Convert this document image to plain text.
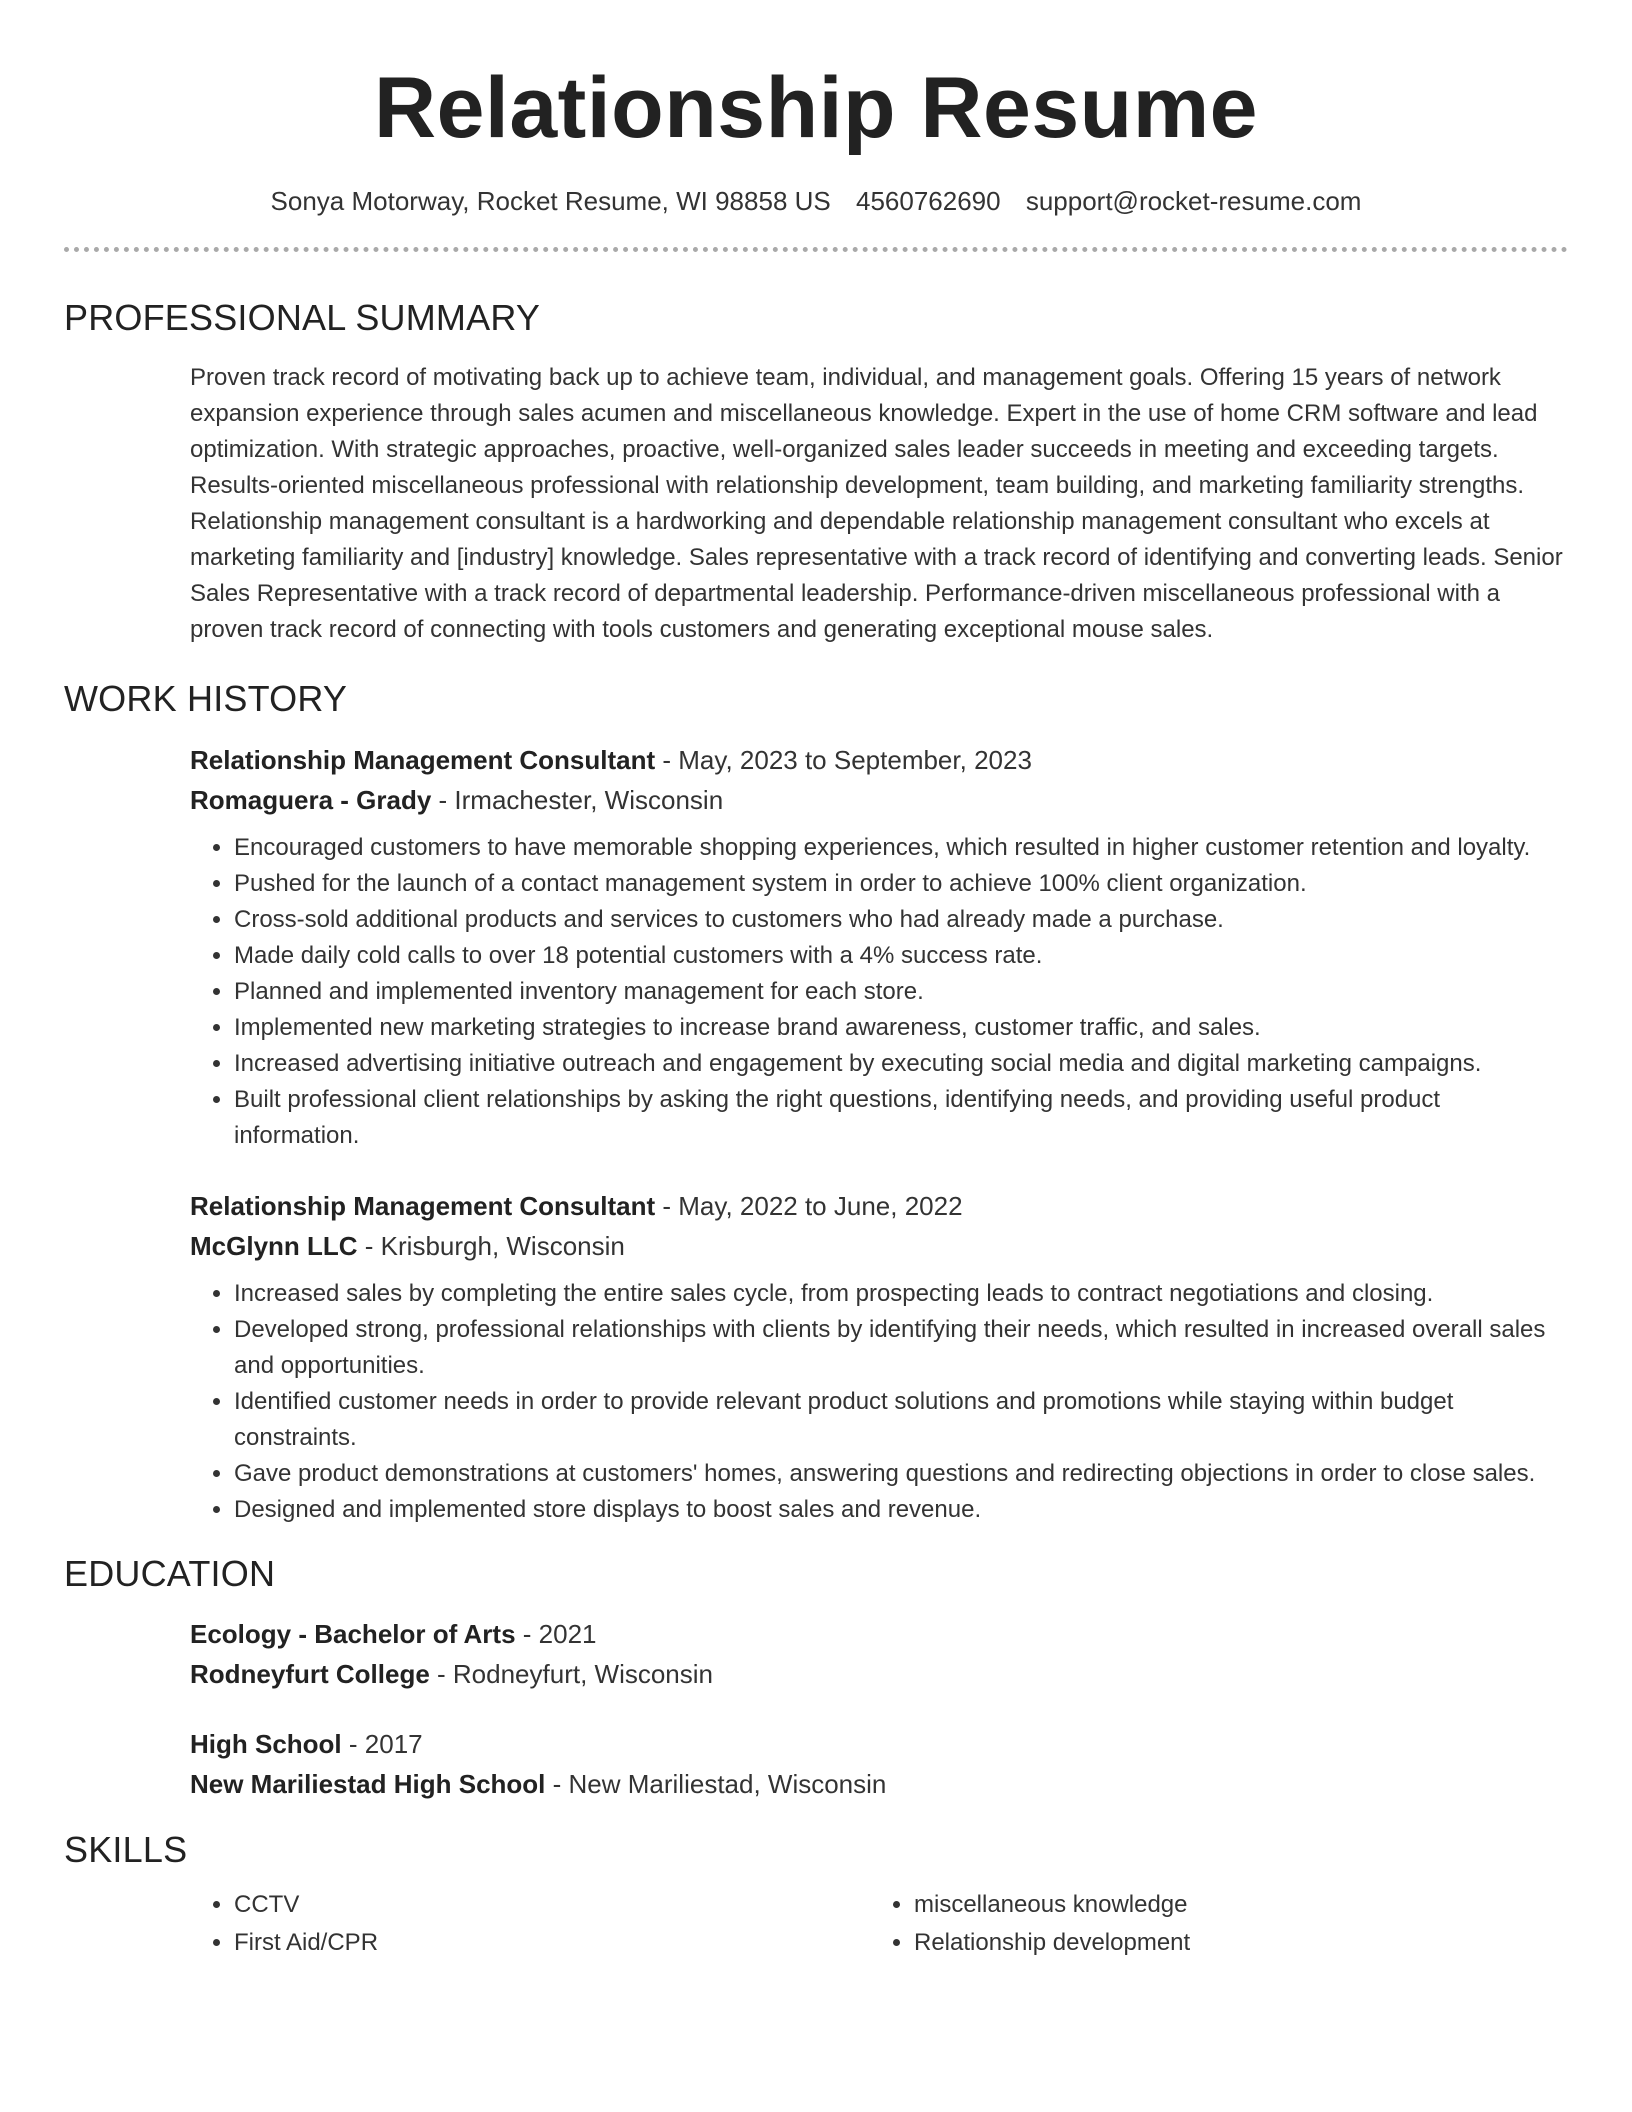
Relationship Resume
Sonya Motorway, Rocket Resume, WI 98858 US 4560762690 support@rocket-resume.com
PROFESSIONAL SUMMARY

Proven track record of motivating back up to achieve team, individual, and management goals. Offering 15 years of network expansion experience through sales acumen and miscellaneous knowledge. Expert in the use of home CRM software and lead optimization. With strategic approaches, proactive, well-organized sales leader succeeds in meeting and exceeding targets. Results-oriented miscellaneous professional with relationship development, team building, and marketing familiarity strengths. Relationship management consultant is a hardworking and dependable relationship management consultant who excels at marketing familiarity and [industry] knowledge. Sales representative with a track record of identifying and converting leads. Senior Sales Representative with a track record of departmental leadership. Performance-driven miscellaneous professional with a proven track record of connecting with tools customers and generating exceptional mouse sales.

WORK HISTORY

Relationship Management Consultant - May, 2023 to September, 2023

Romaguera - Grady - Irmachester, Wisconsin

• Encouraged customers to have memorable shopping experiences, which resulted in higher customer retention and loyalty.
• Pushed for the launch of a contact management system in order to achieve 100% client organization.
• Cross-sold additional products and services to customers who had already made a purchase.
• Made daily cold calls to over 18 potential customers with a 4% success rate.
• Planned and implemented inventory management for each store.
• Implemented new marketing strategies to increase brand awareness, customer traffic, and sales.
• Increased advertising initiative outreach and engagement by executing social media and digital marketing campaigns.
• Built professional client relationships by asking the right questions, identifying needs, and providing useful product information.

Relationship Management Consultant - May, 2022 to June, 2022

McGlynn LLC - Krisburgh, Wisconsin

• Increased sales by completing the entire sales cycle, from prospecting leads to contract negotiations and closing.
• Developed strong, professional relationships with clients by identifying their needs, which resulted in increased overall sales and opportunities.
• Identified customer needs in order to provide relevant product solutions and promotions while staying within budget constraints.
• Gave product demonstrations at customers' homes, answering questions and redirecting objections in order to close sales.
• Designed and implemented store displays to boost sales and revenue.
EDUCATION

Ecology - Bachelor of Arts - 2021

Rodneyfurt College - Rodneyfurt, Wisconsin

High School - 2017

New Mariliestad High School - New Mariliestad, Wisconsin

SKILLS
• CCTV
• First Aid/CPR
• miscellaneous knowledge
• Relationship development
